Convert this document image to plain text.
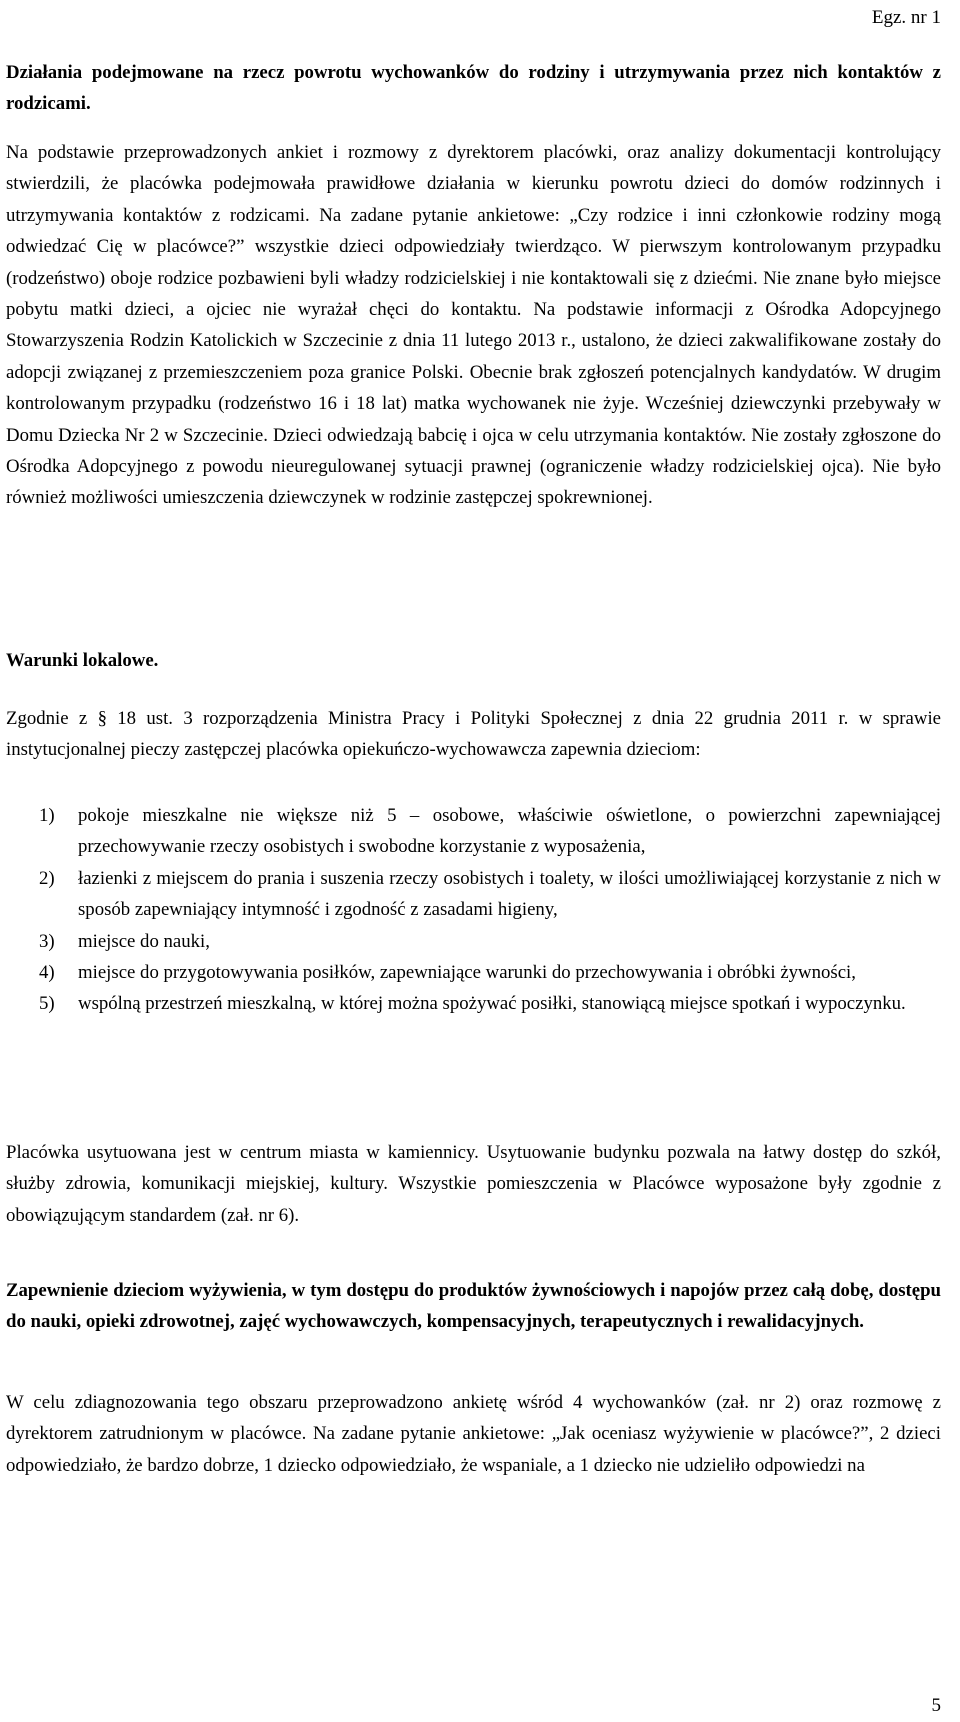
Egz. nr 1
Działania podejmowane na rzecz powrotu wychowanków do rodziny i utrzymywania przez nich kontaktów z rodzicami.
Na podstawie przeprowadzonych ankiet i rozmowy z dyrektorem placówki, oraz analizy dokumentacji kontrolujący stwierdzili, że placówka podejmowała prawidłowe działania w kierunku powrotu dzieci do domów rodzinnych i utrzymywania kontaktów z rodzicami. Na zadane pytanie ankietowe: „Czy rodzice i inni członkowie rodziny mogą odwiedzać Cię w placówce?” wszystkie dzieci odpowiedziały twierdząco. W pierwszym kontrolowanym przypadku (rodzeństwo) oboje rodzice pozbawieni byli władzy rodzicielskiej i nie kontaktowali się z dziećmi. Nie znane było miejsce pobytu matki dzieci, a ojciec nie wyrażał chęci do kontaktu. Na podstawie informacji z Ośrodka Adopcyjnego Stowarzyszenia Rodzin Katolickich w Szczecinie z dnia 11 lutego 2013 r., ustalono, że dzieci zakwalifikowane zostały do adopcji związanej z przemieszczeniem poza granice Polski. Obecnie brak zgłoszeń potencjalnych kandydatów. W drugim kontrolowanym przypadku (rodzeństwo 16 i 18 lat) matka wychowanek nie żyje. Wcześniej dziewczynki przebywały w Domu Dziecka Nr 2 w Szczecinie. Dzieci odwiedzają babcię i ojca w celu utrzymania kontaktów. Nie zostały zgłoszone do Ośrodka Adopcyjnego z powodu nieuregulowanej sytuacji prawnej (ograniczenie władzy rodzicielskiej ojca). Nie było również możliwości umieszczenia dziewczynek w rodzinie zastępczej spokrewnionej.
Warunki lokalowe.
Zgodnie z § 18 ust. 3 rozporządzenia Ministra Pracy i Polityki Społecznej z dnia 22 grudnia 2011 r. w sprawie instytucjonalnej pieczy zastępczej placówka opiekuńczo-wychowawcza zapewnia dzieciom:
1)	pokoje mieszkalne nie większe niż 5 – osobowe, właściwie oświetlone, o powierzchni zapewniającej przechowywanie rzeczy osobistych i swobodne korzystanie z wyposażenia,
2)	łazienki z miejscem do prania i suszenia rzeczy osobistych i toalety, w ilości umożliwiającej korzystanie z nich w sposób zapewniający intymność i zgodność z zasadami higieny,
3)	miejsce do nauki,
4)	miejsce do przygotowywania posiłków, zapewniające warunki do przechowywania i obróbki żywności,
5)	wspólną przestrzeń mieszkalną, w której można spożywać posiłki, stanowiącą miejsce spotkań i wypoczynku.
Placówka usytuowana jest w centrum miasta w kamiennicy. Usytuowanie budynku pozwala na łatwy dostęp do szkół, służby zdrowia, komunikacji miejskiej, kultury. Wszystkie pomieszczenia w Placówce wyposażone były zgodnie z obowiązującym standardem (zał. nr 6).
Zapewnienie dzieciom wyżywienia, w tym dostępu do produktów żywnościowych i napojów przez całą dobę, dostępu do nauki, opieki zdrowotnej, zajęć wychowawczych, kompensacyjnych, terapeutycznych i rewalidacyjnych.
W celu zdiagnozowania tego obszaru przeprowadzono ankietę wśród 4 wychowanków (zał. nr 2) oraz rozmowę z dyrektorem zatrudnionym w placówce. Na zadane pytanie ankietowe: „Jak oceniasz wyżywienie w placówce?”, 2 dzieci odpowiedziało, że bardzo dobrze, 1 dziecko odpowiedziało, że wspaniale, a 1 dziecko nie udzieliło odpowiedzi na
5
